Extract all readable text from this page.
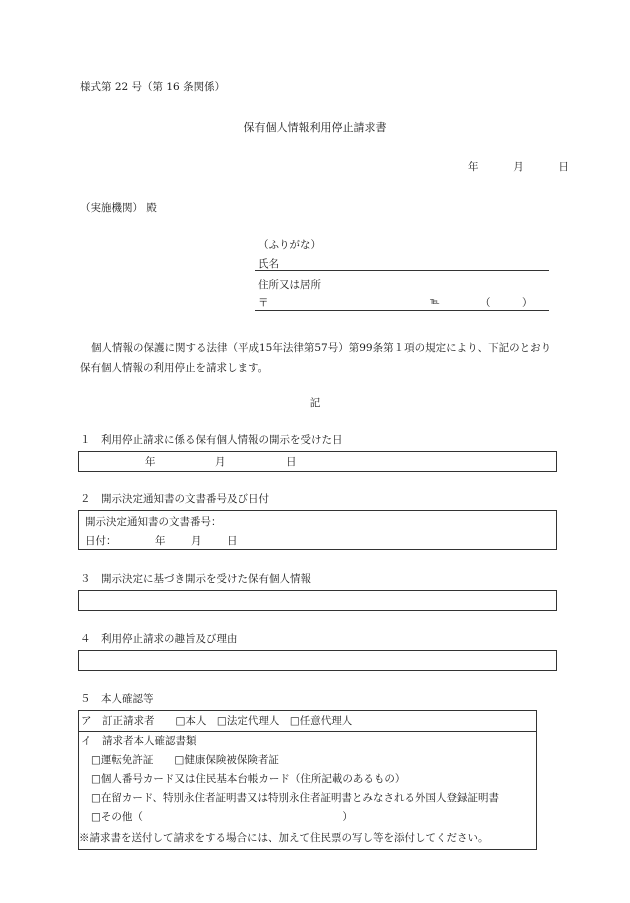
様式第 22 号（第 16 条関係）
保有個人情報利用停止請求書
年	月	日
（実施機関） 殿
（ふりがな）
氏名
住所又は居所
〒	℡	（　　　）
個人情報の保護に関する法律（平成15年法律第57号）第99条第１項の規定により、下記のとおり保有個人情報の利用停止を請求します。
記
１　利用停止請求に係る保有個人情報の開示を受けた日
年	月	日
２　開示決定通知書の文書番号及び日付
開示決定通知書の文書番号：
日付：	年 月 日
３　開示決定に基づき開示を受けた保有個人情報
４　利用停止請求の趣旨及び理由
５　本人確認等
ア　訂正請求者　　□本人　□法定代理人　□任意代理人
イ　請求者本人確認書類
□運転免許証　　□健康保険被保険者証
□個人番号カード又は住民基本台帳カード（住所記載のあるもの）
□在留カード、特別永住者証明書又は特別永住者証明書とみなされる外国人登録証明書
□その他（　　　　　　　　　　　　　　　　　　　）
※請求書を送付して請求をする場合には、加えて住民票の写し等を添付してください。
